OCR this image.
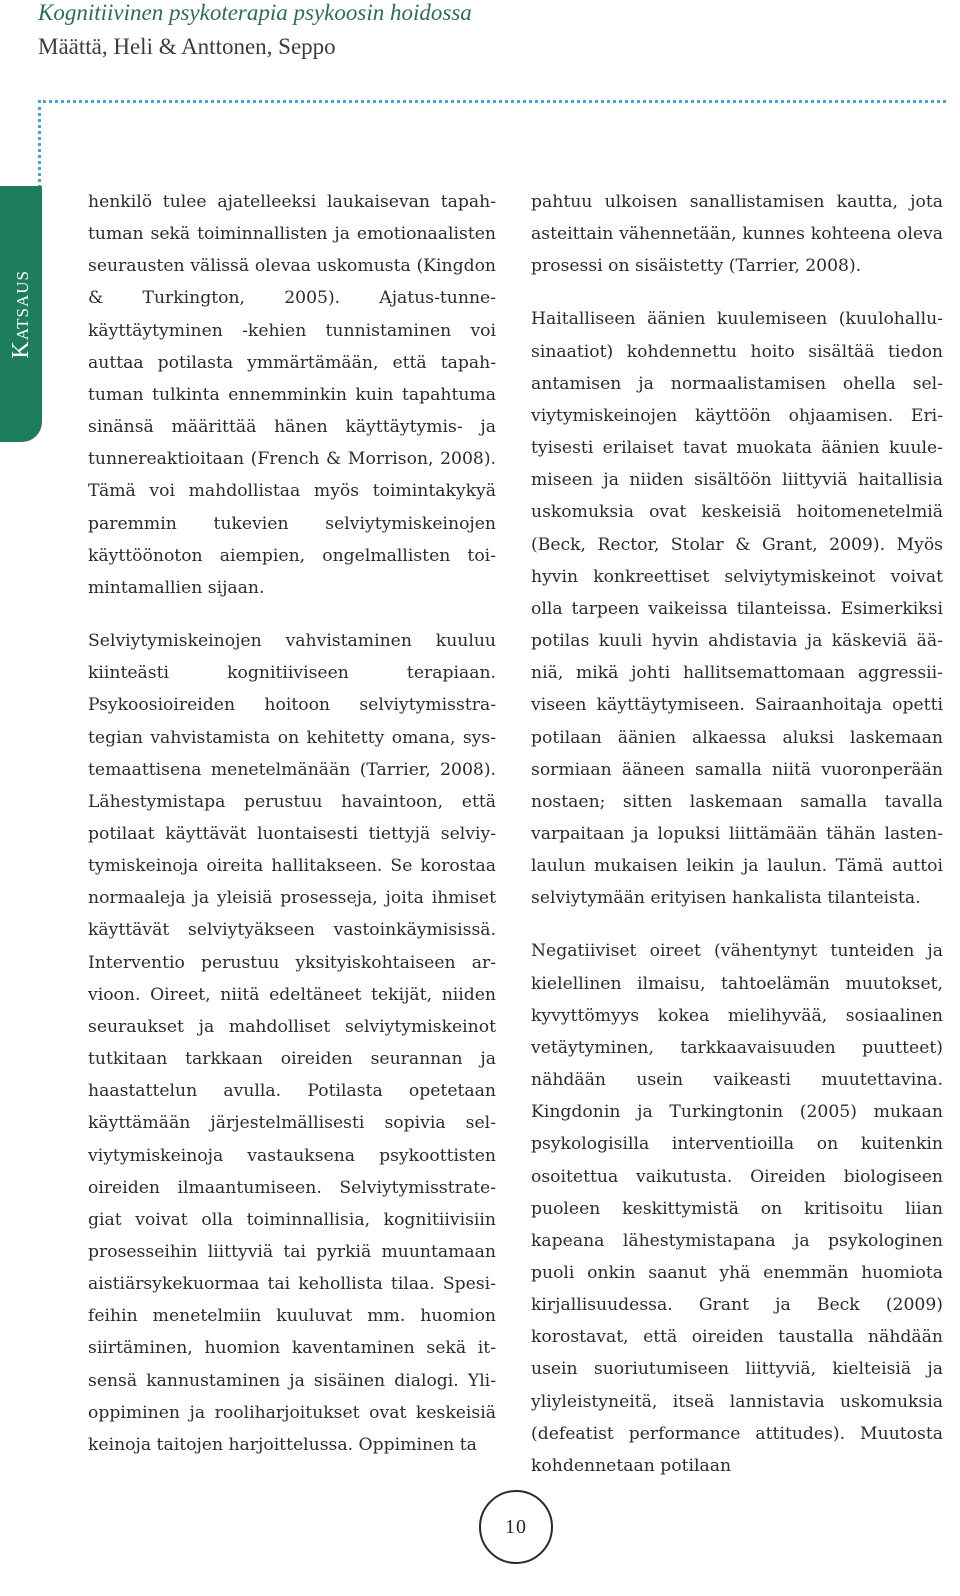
Kognitiivinen psykoterapia psykoosin hoidossa
Määttä, Heli & Anttonen, Seppo
Katsaus

henkilö tulee ajatelleeksi laukaisevan tapahtuman sekä toiminnallisten ja emotionaalisten seurausten välissä olevaa uskomusta (Kingdon & Turkington, 2005). Ajatus-tunne-käyttäytyminen -kehien tunnistaminen voi auttaa potilasta ymmärtämään, että tapahtuman tulkinta ennemminkin kuin tapahtuma sinänsä määrittää hänen käyttäytymis- ja tunnereaktioitaan (French & Morrison, 2008). Tämä voi mahdollistaa myös toimintakykyä paremmin tukevien selviytymiskeinojen käyttöönoton aiempien, ongelmallisten toimintamallien sijaan.

Selviytymiskeinojen vahvistaminen kuuluu kiinteästi kognitiiviseen terapiaan. Psykoosioireiden hoitoon selviytymisstrategian vahvistamista on kehitetty omana, systemaattisena menetelmänään (Tarrier, 2008). Lähestymistapa perustuu havaintoon, että potilaat käyttävät luontaisesti tiettyjä selviytymiskeinoja oireita hallitakseen. Se korostaa normaaleja ja yleisiä prosesseja, joita ihmiset käyttävät selviytyäkseen vastoinkäymisissä. Interventio perustuu yksityiskohtaiseen arvioon. Oireet, niitä edeltäneet tekijät, niiden seuraukset ja mahdolliset selviytymiskeinot tutkitaan tarkkaan oireiden seurannan ja haastattelun avulla. Potilasta opetetaan käyttämään järjestelmällisesti sopivia selviytymiskeinoja vastauksena psykoottisten oireiden ilmaantumiseen. Selviytymisstrategiat voivat olla toiminnallisia, kognitiivisiin prosesseihin liittyviä tai pyrkiä muuntamaan aistiärsykekuormaa tai kehollista tilaa. Spesifeihin menetelmiin kuuluvat mm. huomion siirtäminen, huomion kaventaminen sekä itsensä kannustaminen ja sisäinen dialogi. Ylioppiminen ja rooliharjoitukset ovat keskeisiä keinoja taitojen harjoittelussa. Oppiminen ta

pahtuu ulkoisen sanallistamisen kautta, jota asteittain vähennetään, kunnes kohteena oleva prosessi on sisäistetty (Tarrier, 2008).

Haitalliseen äänien kuulemiseen (kuulohallusinaatiot) kohdennettu hoito sisältää tiedon antamisen ja normaalistamisen ohella selviytymiskeinojen käyttöön ohjaamisen. Erityisesti erilaiset tavat muokata äänien kuulemiseen ja niiden sisältöön liittyviä haitallisia uskomuksia ovat keskeisiä hoitomenetelmiä (Beck, Rector, Stolar & Grant, 2009). Myös hyvin konkreettiset selviytymiskeinot voivat olla tarpeen vaikeissa tilanteissa. Esimerkiksi potilas kuuli hyvin ahdistavia ja käskeviä ääniä, mikä johti hallitsemattomaan aggressiiviseen käyttäytymiseen. Sairaanhoitaja opetti potilaan äänien alkaessa aluksi laskemaan sormiaan ääneen samalla niitä vuoronperään nostaen; sitten laskemaan samalla tavalla varpaitaan ja lopuksi liittämään tähän lastenlaulun mukaisen leikin ja laulun. Tämä auttoi selviytymään erityisen hankalista tilanteista.

Negatiiviset oireet (vähentynyt tunteiden ja kielellinen ilmaisu, tahtoelämän muutokset, kyvyttömyys kokea mielihyvää, sosiaalinen vetäytyminen, tarkkaavaisuuden puutteet) nähdään usein vaikeasti muutettavina. Kingdonin ja Turkingtonin (2005) mukaan psykologisilla interventioilla on kuitenkin osoitettua vaikutusta. Oireiden biologiseen puoleen keskittymistä on kritisoitu liian kapeana lähestymistapana ja psykologinen puoli onkin saanut yhä enemmän huomiota kirjallisuudessa. Grant ja Beck (2009) korostavat, että oireiden taustalla nähdään usein suoriutumiseen liittyviä, kielteisiä ja yliyleistyneitä, itseä lannistavia uskomuksia (defeatist performance attitudes). Muutosta kohdennetaan potilaan

10
